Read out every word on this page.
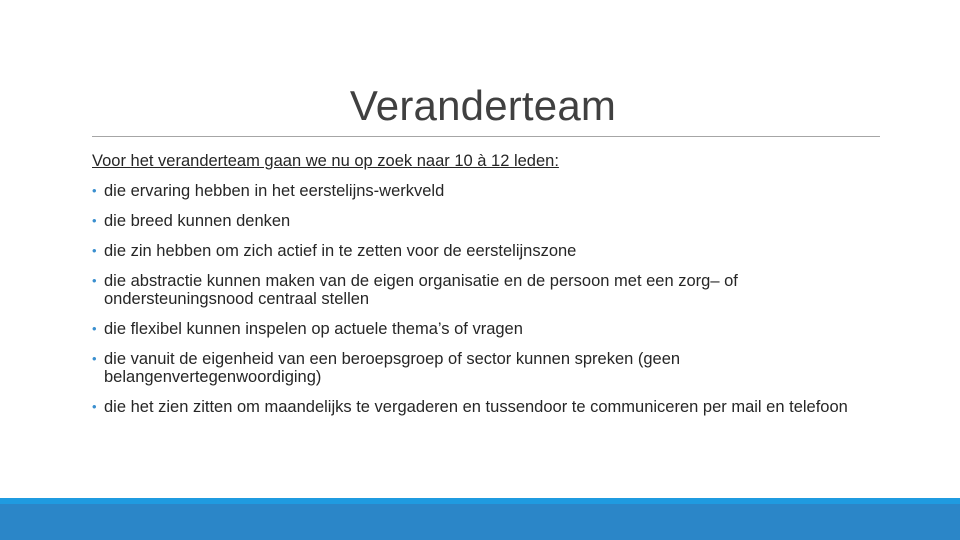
Veranderteam

Voor het veranderteam gaan we nu op zoek naar 10 à 12 leden:

• die ervaring hebben in het eerstelijns-werkveld
• die breed kunnen denken
• die zin hebben om zich actief in te zetten voor de eerstelijnszone
• die abstractie kunnen maken van de eigen organisatie en de persoon met een zorg– of ondersteuningsnood centraal stellen
• die flexibel kunnen inspelen op actuele thema’s of vragen
• die vanuit de eigenheid van een beroepsgroep of sector kunnen spreken (geen belangenvertegenwoordiging)
• die het zien zitten om maandelijks te vergaderen en tussendoor te communiceren per mail en telefoon
